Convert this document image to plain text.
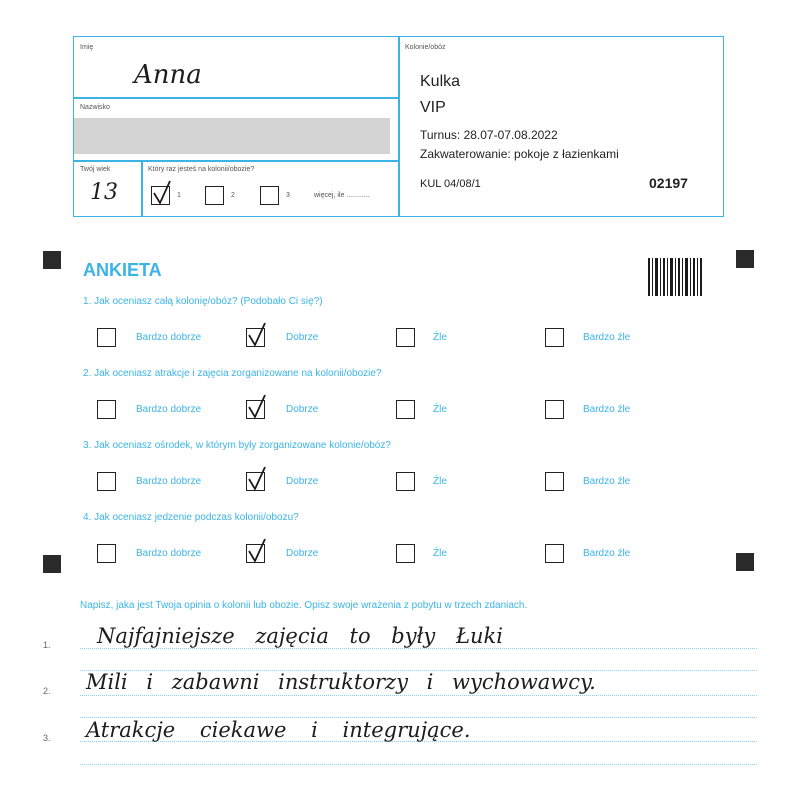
Imię
Anna
Nazwisko
Twój wiek
13
Który raz jesteś na kolonii/obozie?
1	2	3	więcej, ile ............
Kolonie/obóz
Kulka
VIP
Turnus: 28.07-07.08.2022
Zakwaterowanie: pokoje z łazienkami
KUL 04/08/1	02197
ANKIETA
1. Jak oceniasz całą kolonię/obóz? (Podobało Ci się?)
Bardzo dobrze	Dobrze	Źle	Bardzo źle
2. Jak oceniasz atrakcje i zajęcia zorganizowane na kolonii/obozie?
Bardzo dobrze	Dobrze	Źle	Bardzo źle
3. Jak oceniasz ośrodek, w którym były zorganizowane kolonie/obóz?
Bardzo dobrze	Dobrze	Źle	Bardzo źle
4. Jak oceniasz jedzenie podczas kolonii/obozu?
Bardzo dobrze	Dobrze	Źle	Bardzo źle
Napisz, jaka jest Twoja opinia o kolonii lub obozie. Opisz swoje wrażenia z pobytu w trzech zdaniach.
1.
2.
3.
Najfajniejsze zajęcia to były Łuki
Mili i zabawni instruktorzy i wychowawcy.
Atrakcje ciekawe i integrujące.
